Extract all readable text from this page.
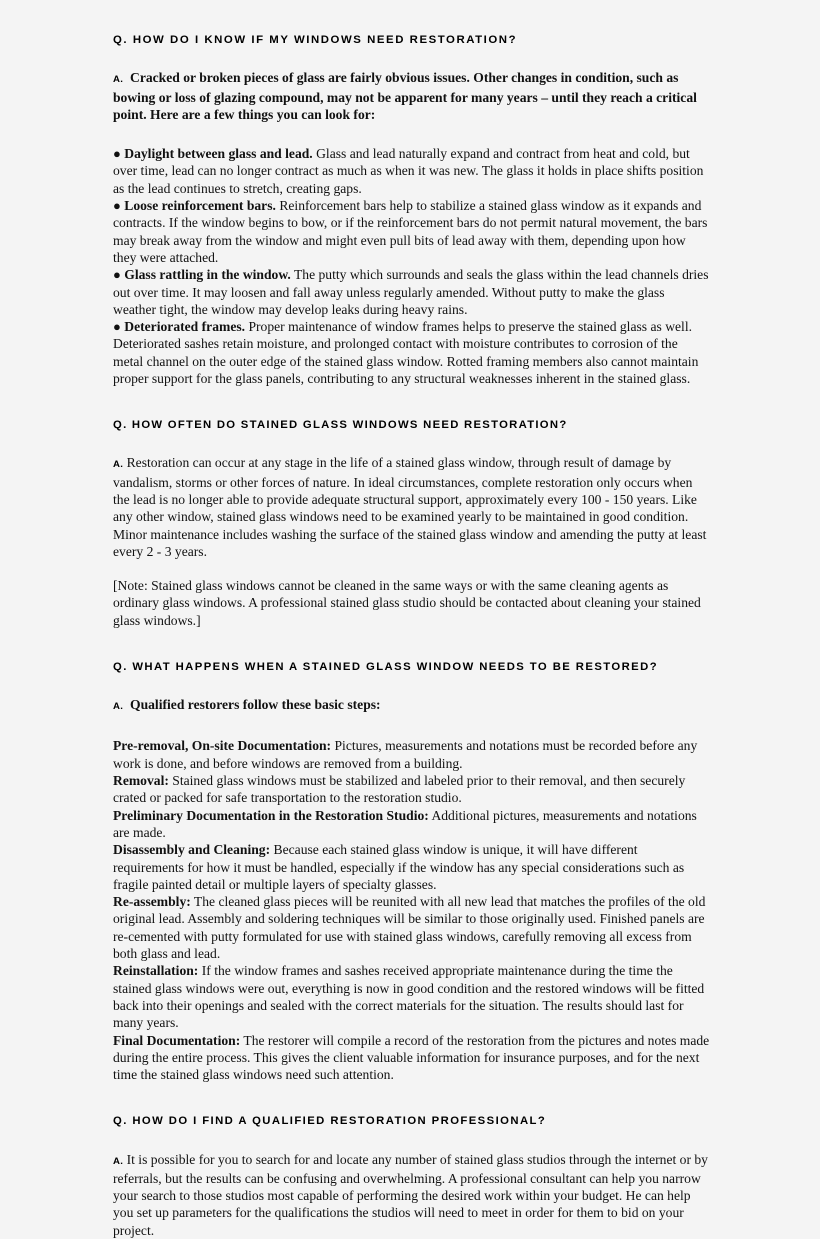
Q. HOW DO I KNOW IF MY WINDOWS NEED RESTORATION?

A. Cracked or broken pieces of glass are fairly obvious issues. Other changes in condition, such as bowing or loss of glazing compound, may not be apparent for many years – until they reach a critical point. Here are a few things you can look for:

● Daylight between glass and lead. Glass and lead naturally expand and contract from heat and cold, but over time, lead can no longer contract as much as when it was new. The glass it holds in place shifts position as the lead continues to stretch, creating gaps.

● Loose reinforcement bars. Reinforcement bars help to stabilize a stained glass window as it expands and contracts. If the window begins to bow, or if the reinforcement bars do not permit natural movement, the bars may break away from the window and might even pull bits of lead away with them, depending upon how they were attached.

● Glass rattling in the window. The putty which surrounds and seals the glass within the lead channels dries out over time. It may loosen and fall away unless regularly amended. Without putty to make the glass weather tight, the window may develop leaks during heavy rains.

● Deteriorated frames. Proper maintenance of window frames helps to preserve the stained glass as well. Deteriorated sashes retain moisture, and prolonged contact with moisture contributes to corrosion of the metal channel on the outer edge of the stained glass window. Rotted framing members also cannot maintain proper support for the glass panels, contributing to any structural weaknesses inherent in the stained glass.

Q. HOW OFTEN DO STAINED GLASS WINDOWS NEED RESTORATION?

A. Restoration can occur at any stage in the life of a stained glass window, through result of damage by vandalism, storms or other forces of nature. In ideal circumstances, complete restoration only occurs when the lead is no longer able to provide adequate structural support, approximately every 100 - 150 years. Like any other window, stained glass windows need to be examined yearly to be maintained in good condition. Minor maintenance includes washing the surface of the stained glass window and amending the putty at least every 2 - 3 years.

[Note: Stained glass windows cannot be cleaned in the same ways or with the same cleaning agents as ordinary glass windows. A professional stained glass studio should be contacted about cleaning your stained glass windows.]

Q. WHAT HAPPENS WHEN A STAINED GLASS WINDOW NEEDS TO BE RESTORED?

A. Qualified restorers follow these basic steps:

Pre-removal, On-site Documentation: Pictures, measurements and notations must be recorded before any work is done, and before windows are removed from a building.

Removal: Stained glass windows must be stabilized and labeled prior to their removal, and then securely crated or packed for safe transportation to the restoration studio.

Preliminary Documentation in the Restoration Studio: Additional pictures, measurements and notations are made.

Disassembly and Cleaning: Because each stained glass window is unique, it will have different requirements for how it must be handled, especially if the window has any special considerations such as fragile painted detail or multiple layers of specialty glasses.

Re-assembly: The cleaned glass pieces will be reunited with all new lead that matches the profiles of the old original lead. Assembly and soldering techniques will be similar to those originally used. Finished panels are re-cemented with putty formulated for use with stained glass windows, carefully removing all excess from both glass and lead.

Reinstallation: If the window frames and sashes received appropriate maintenance during the time the stained glass windows were out, everything is now in good condition and the restored windows will be fitted back into their openings and sealed with the correct materials for the situation. The results should last for many years.

Final Documentation: The restorer will compile a record of the restoration from the pictures and notes made during the entire process. This gives the client valuable information for insurance purposes, and for the next time the stained glass windows need such attention.

Q. HOW DO I FIND A QUALIFIED RESTORATION PROFESSIONAL?

A. It is possible for you to search for and locate any number of stained glass studios through the internet or by referrals, but the results can be confusing and overwhelming. A professional consultant can help you narrow your search to those studios most capable of performing the desired work within your budget. He can help you set up parameters for the qualifications the studios will need to meet in order for them to bid on your project.
